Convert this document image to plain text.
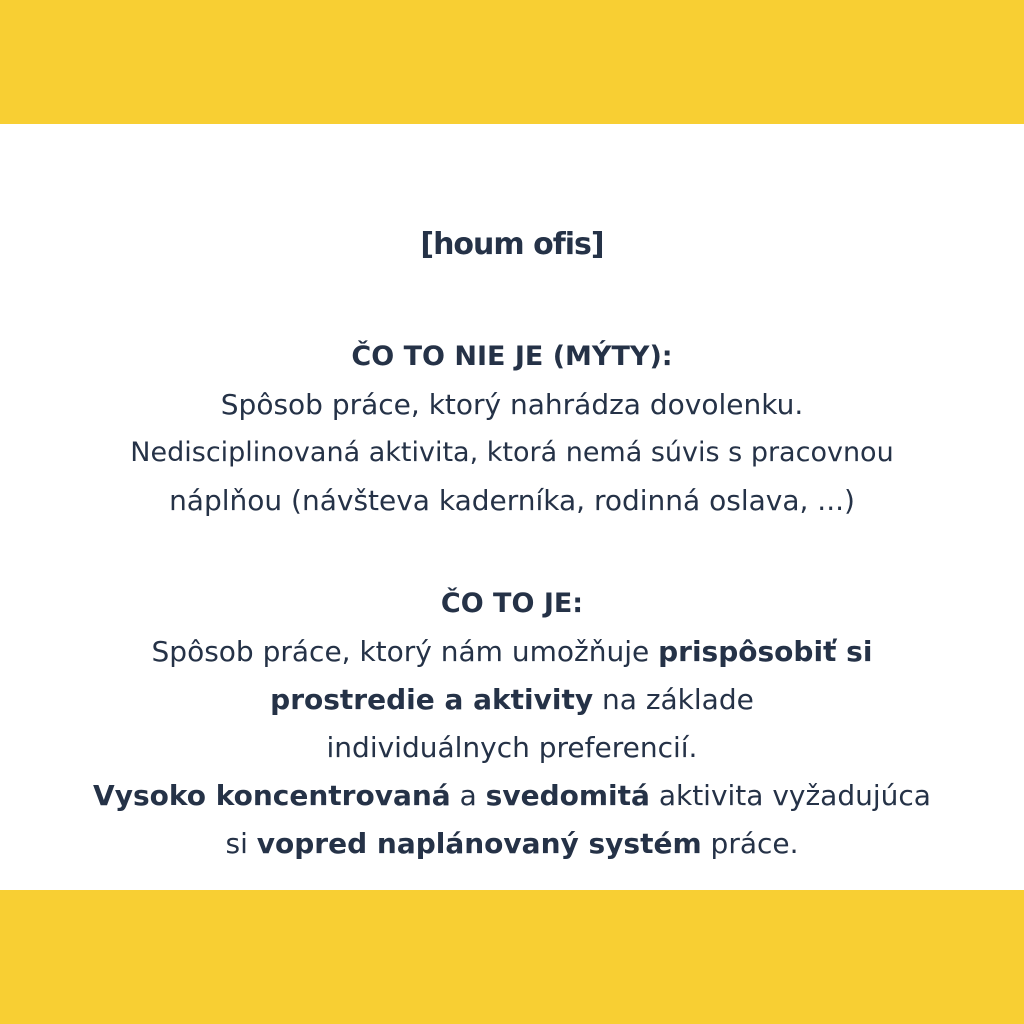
[houm ofis]
ČO TO NIE JE (MÝTY):
Spôsob práce, ktorý nahrádza dovolenku.
Nedisciplinovaná aktivita, ktorá nemá súvis s pracovnou
náplňou (návšteva kaderníka, rodinná oslava, ...)
ČO TO JE:
Spôsob práce, ktorý nám umožňuje prispôsobiť si
prostredie a aktivity na základe
individuálnych preferencií.
Vysoko koncentrovaná a svedomitá aktivita vyžadujúca
si vopred naplánovaný systém práce.
